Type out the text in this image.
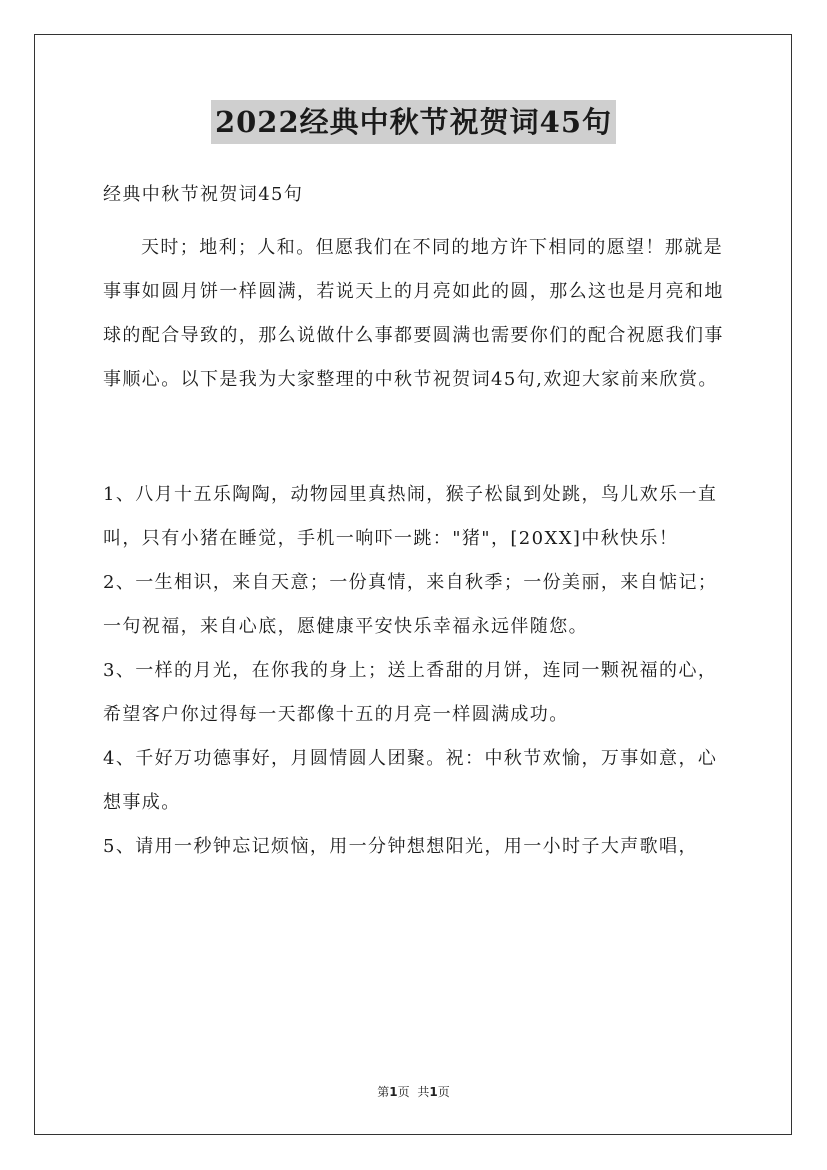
2022经典中秋节祝贺词45句

经典中秋节祝贺词45句

天时；地利；人和。但愿我们在不同的地方许下相同的愿望！那就是事事如圆月饼一样圆满，若说天上的月亮如此的圆，那么这也是月亮和地球的配合导致的，那么说做什么事都要圆满也需要你们的配合祝愿我们事事顺心。以下是我为大家整理的中秋节祝贺词45句,欢迎大家前来欣赏。

1、八月十五乐陶陶，动物园里真热闹，猴子松鼠到处跳，鸟儿欢乐一直叫，只有小猪在睡觉，手机一响吓一跳："猪"，[20XX]中秋快乐！

2、一生相识，来自天意；一份真情，来自秋季；一份美丽，来自惦记；一句祝福，来自心底，愿健康平安快乐幸福永远伴随您。

3、一样的月光，在你我的身上；送上香甜的月饼，连同一颗祝福的心，希望客户你过得每一天都像十五的月亮一样圆满成功。

4、千好万功德事好，月圆情圆人团聚。祝：中秋节欢愉，万事如意，心想事成。

5、请用一秒钟忘记烦恼，用一分钟想想阳光，用一小时子大声歌唱，

第1页 共1页
